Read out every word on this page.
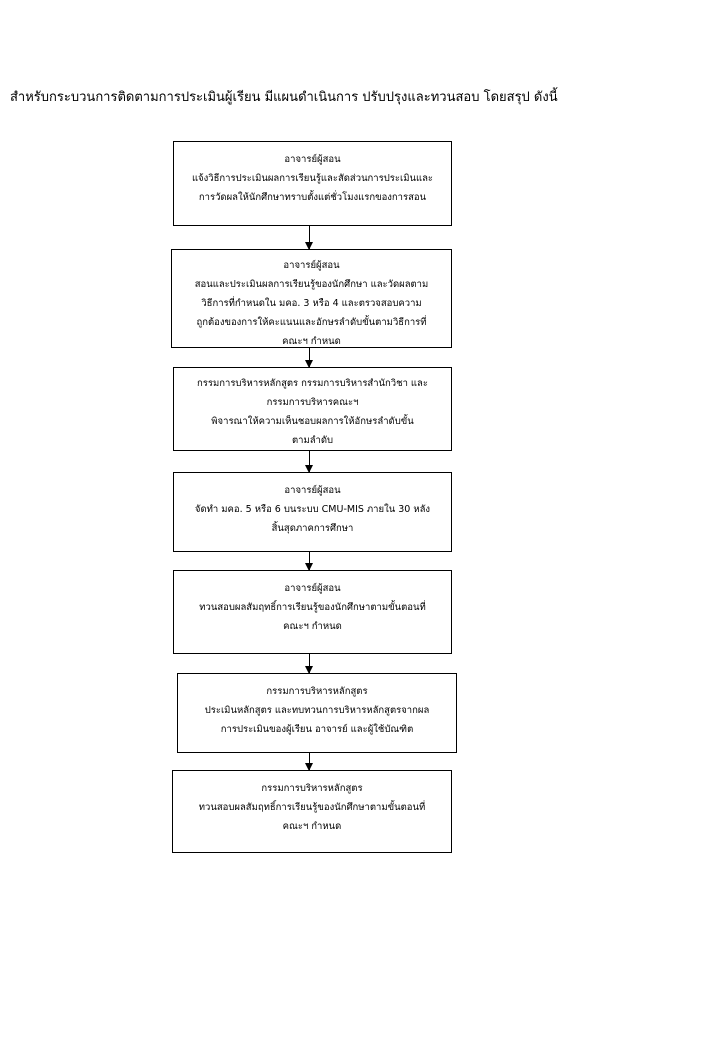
สำหรับกระบวนการติดตามการประเมินผู้เรียน มีแผนดำเนินการ ปรับปรุงและทวนสอบ โดยสรุป ดังนี้
อาจารย์ผู้สอน
แจ้งวิธีการประเมินผลการเรียนรู้และสัดส่วนการประเมินและ
การวัดผลให้นักศึกษาทราบตั้งแต่ชั่วโมงแรกของการสอน
อาจารย์ผู้สอน
สอนและประเมินผลการเรียนรู้ของนักศึกษา และวัดผลตาม
วิธีการที่กำหนดใน มคอ. 3 หรือ 4 และตรวจสอบความ
ถูกต้องของการให้คะแนนและอักษรลำดับขั้นตามวิธีการที่
คณะฯ กำหนด
กรรมการบริหารหลักสูตร กรรมการบริหารสำนักวิชา และ
กรรมการบริหารคณะฯ
พิจารณาให้ความเห็นชอบผลการให้อักษรลำดับขั้น
ตามลำดับ
อาจารย์ผู้สอน
จัดทำ มคอ. 5 หรือ 6 บนระบบ CMU-MIS ภายใน 30 หลัง
สิ้นสุดภาคการศึกษา
อาจารย์ผู้สอน
ทวนสอบผลสัมฤทธิ์การเรียนรู้ของนักศึกษาตามขั้นตอนที่
คณะฯ กำหนด
กรรมการบริหารหลักสูตร
ประเมินหลักสูตร และทบทวนการบริหารหลักสูตรจากผล
การประเมินของผู้เรียน อาจารย์ และผู้ใช้บัณฑิต
กรรมการบริหารหลักสูตร
ทวนสอบผลสัมฤทธิ์การเรียนรู้ของนักศึกษาตามขั้นตอนที่
คณะฯ กำหนด
